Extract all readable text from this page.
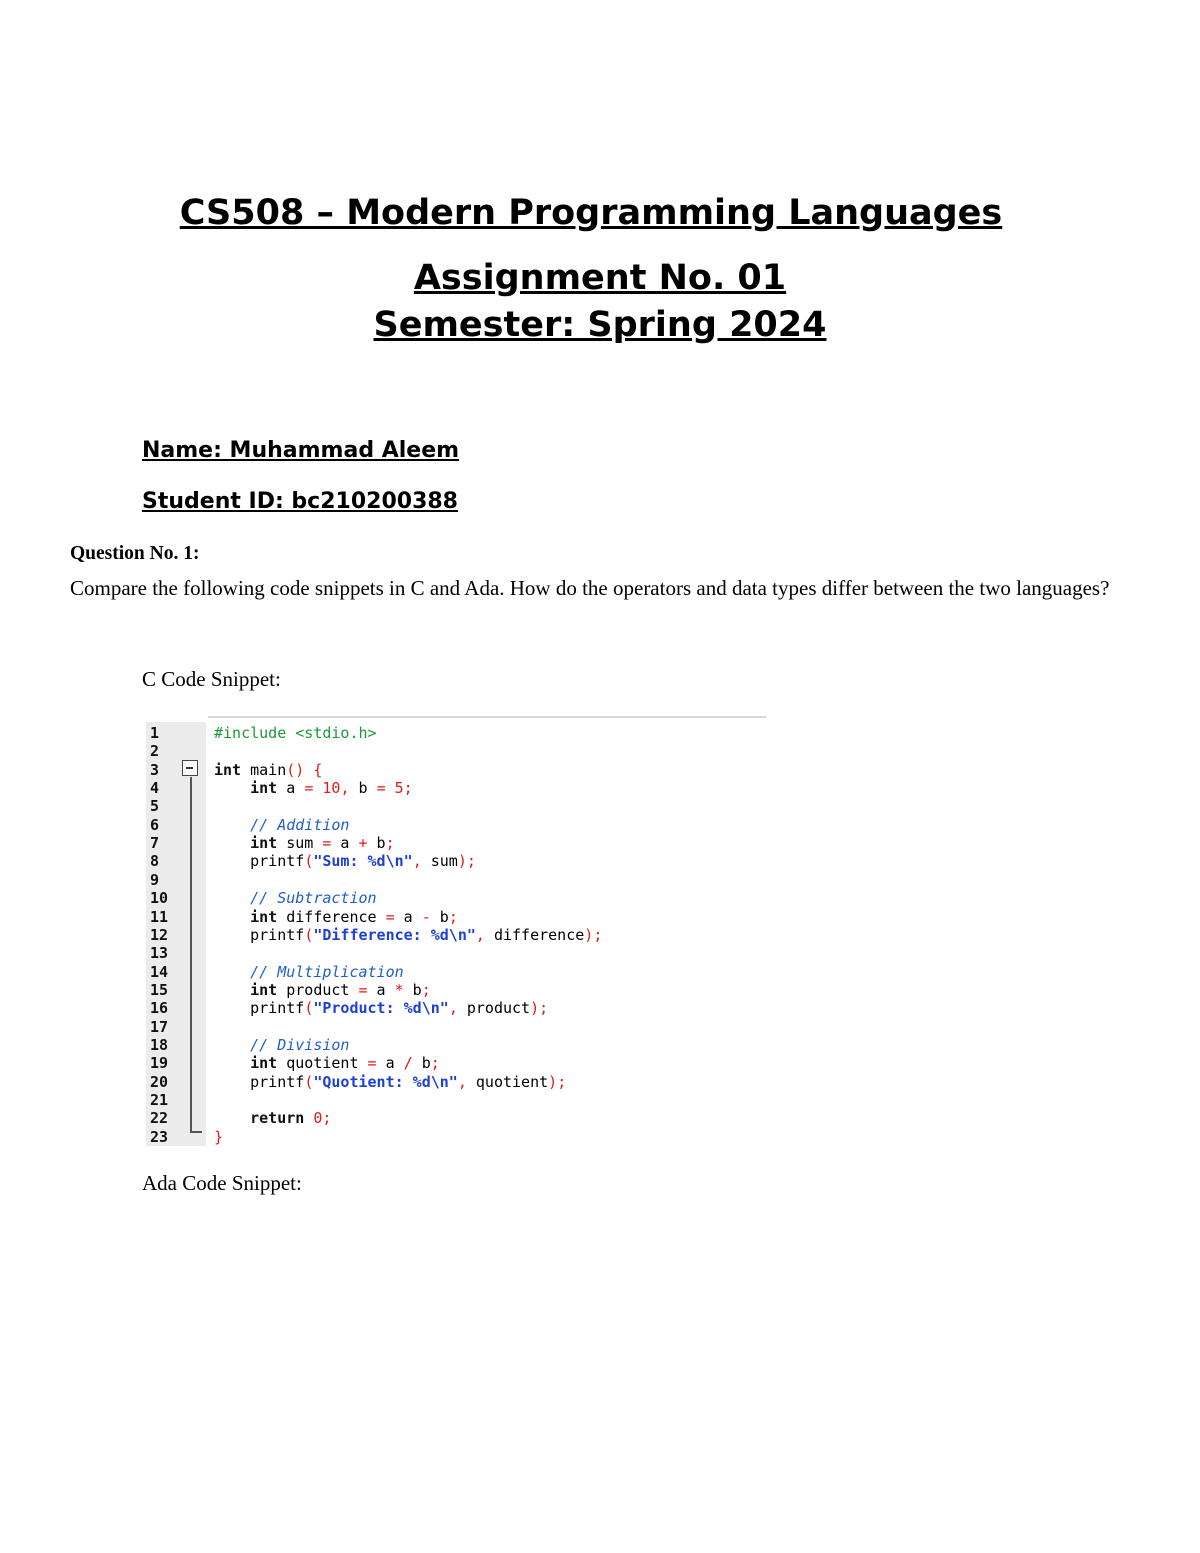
CS508 – Modern Programming Languages
Assignment No. 01
Semester: Spring 2024
Name: Muhammad Aleem
Student ID: bc210200388
Question No. 1:
Compare the following code snippets in C and Ada. How do the operators and data types differ between the two languages?
C Code Snippet:
1	#include <stdio.h>
2
3	int main() {
4	int a = 10, b = 5;
5
6	// Addition
7	int sum = a + b;
8	printf("Sum: %d\n", sum);
9
10	// Subtraction
11	int difference = a - b;
12	printf("Difference: %d\n", difference);
13
14	// Multiplication
15	int product = a * b;
16	printf("Product: %d\n", product);
17
18	// Division
19	int quotient = a / b;
20	printf("Quotient: %d\n", quotient);
21
22	return 0;
23	}
Ada Code Snippet:
